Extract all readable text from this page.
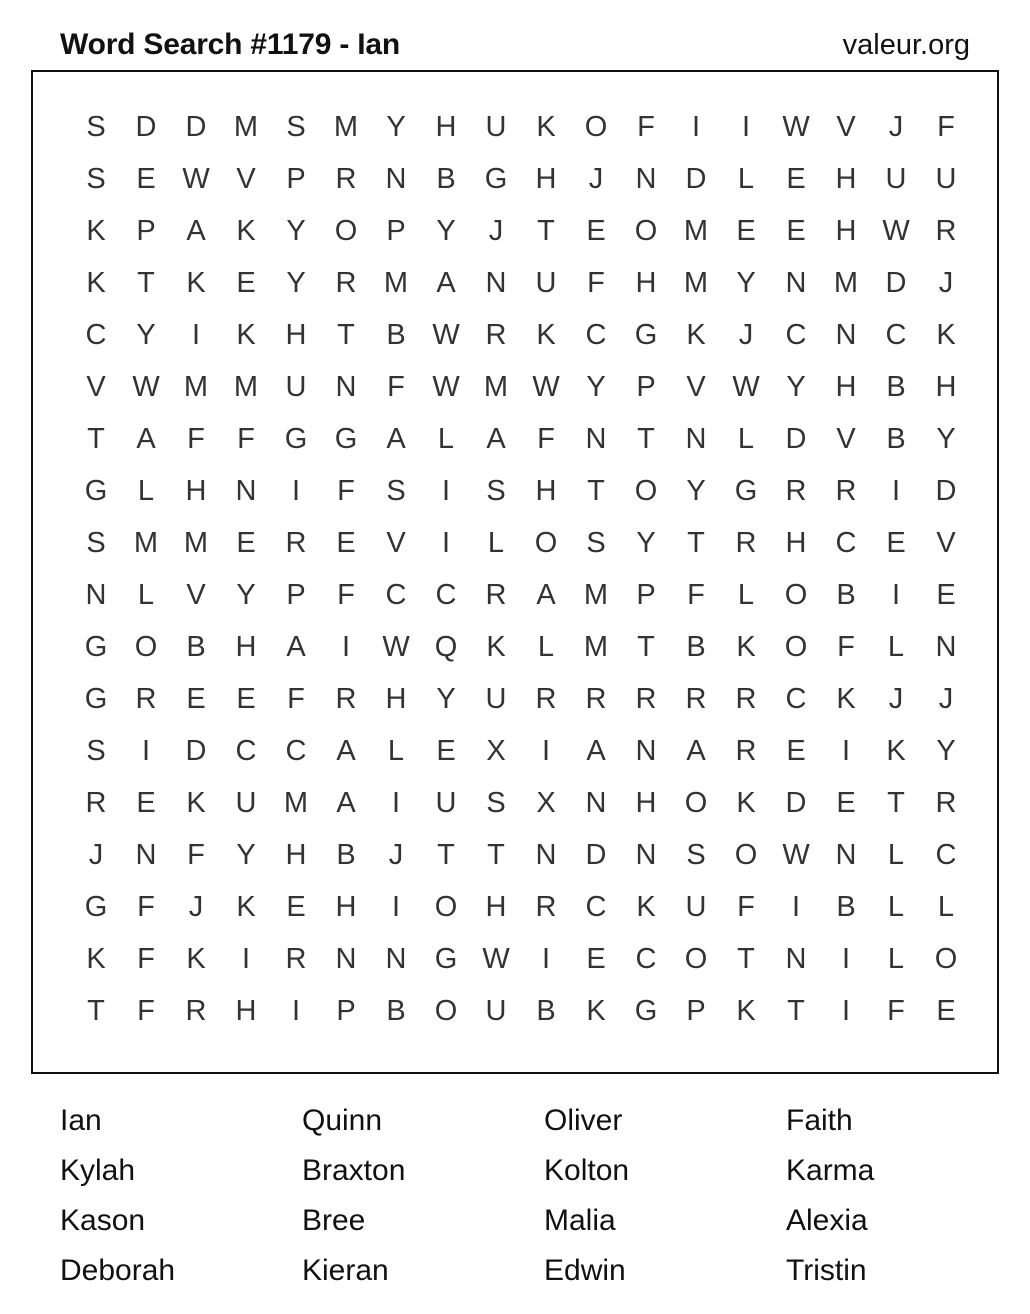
Word Search #1179 - Ian	valeur.org
S	D	D M S M Y	H	U	K	O	F	I	I	W V	J	F
S	E W V	P	R	N	B	G H	J	N	D	L	E	H	U	U
K	P	A	K	Y	O	P	Y	J	T	E	O M E	E	H W R
K	T	K	E	Y	R M A	N	U	F	H M Y	N M D	J
C	Y	I	K	H	T	B W R	K	C G	K	J	C	N	C	K
V W M M U	N	F W M W Y	P	V W Y	H	B	H
T	A	F	F	G G	A	L	A	F	N	T	N	L	D	V	B	Y
G	L	H	N	I	F	S	I	S	H	T	O	Y	G R	R	I	D
S M M E	R	E	V	I	L	O	S	Y	T	R	H	C	E	V
N	L	V	Y	P	F	C	C	R	A M P	F	L	O	B	I	E
G O	B	H	A	I	W Q	K	L	M	T	B	K	O	F	L	N
G R	E	E	F	R	H	Y	U	R	R	R	R	R	C	K	J	J
S	I	D	C	C	A	L	E	X	I	A	N	A	R	E	I	K	Y
R	E	K	U M A	I	U	S	X	N	H O	K	D	E	T	R
J	N	F	Y	H	B	J	T	T	N	D	N	S	O W N	L	C
G	F	J	K	E	H	I	O H	R	C	K	U	F	I	B	L	L
K	F	K	I	R	N	N G W	I	E	C O	T	N	I	L	O
T	F	R	H	I	P	B	O U	B	K	G	P	K	T	I	F	E
Ian	Quinn	Oliver	Faith
Kylah	Braxton	Kolton	Karma
Kason	Bree	Malia	Alexia
Deborah	Kieran	Edwin	Tristin
